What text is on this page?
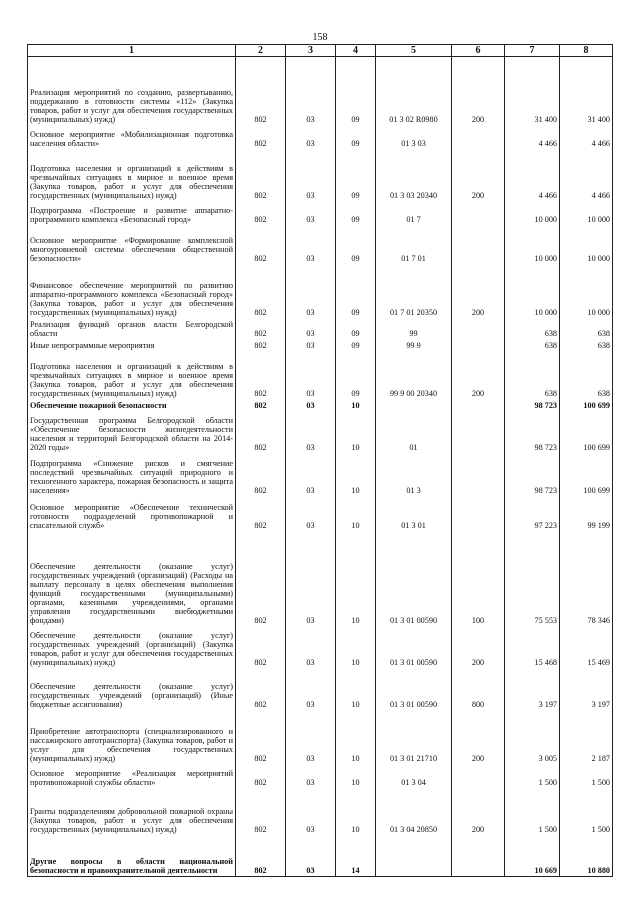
158
1	2	3	4	5	6	7	8
Реализация мероприятий по созданию, развертыванию, поддержанию в готовности системы «112» (Закупка товаров, работ и услуг для обеспечения государственных (муниципальных) нужд)	802	03	09	01 3 02 R0980	200	31 400	31 400
Основное мероприятие «Мобилизационная подготовка населения области»	802	03	09	01 3 03		4 466	4 466
Подготовка населения и организаций к действиям в чрезвычайных ситуациях в мирное и военное время (Закупка товаров, работ и услуг для обеспечения государственных (муниципальных) нужд)	802	03	09	01 3 03 20340	200	4 466	4 466
Подпрограмма «Построение и развитие аппаратно-программного комплекса «Безопасный город»	802	03	09	01 7		10 000	10 000
Основное мероприятие «Формирование комплексной многоуровневой системы обеспечения общественной безопасности»	802	03	09	01 7 01		10 000	10 000
Финансовое обеспечение мероприятий по развитию аппаратно-программного комплекса «Безопасный город» (Закупка товаров, работ и услуг для обеспечения государственных (муниципальных) нужд)	802	03	09	01 7 01 20350	200	10 000	10 000
Реализация функций органов власти Белгородской области	802	03	09	99		638	638
Иные непрограммные мероприятия	802	03	09	99 9		638	638
Подготовка населения и организаций к действиям в чрезвычайных ситуациях в мирное и военное время (Закупка товаров, работ и услуг для обеспечения государственных (муниципальных) нужд)	802	03	09	99 9 00 20340	200	638	638
Обеспечение пожарной безопасности	802	03	10			98 723	100 699
Государственная программа Белгородской области «Обеспечение безопасности жизнедеятельности населения и территорий Белгородской области на 2014-2020 годы»	802	03	10	01		98 723	100 699
Подпрограмма «Снижение рисков и смягчение последствий чрезвычайных ситуаций природного и техногенного характера, пожарная безопасность и защита населения»	802	03	10	01 3		98 723	100 699
Основное мероприятие «Обеспечение технической готовности подразделений противопожарной и спасательной служб»	802	03	10	01 3 01		97 223	99 199
Обеспечение деятельности (оказание услуг) государственных учреждений (организаций) (Расходы на выплату персоналу в целях обеспечения выполнения функций государственными (муниципальными) органами, казенными учреждениями, органами управления государственными внебюджетными фондами)	802	03	10	01 3 01 00590	100	75 553	78 346
Обеспечение деятельности (оказание услуг) государственных учреждений (организаций) (Закупка товаров, работ и услуг для обеспечения государственных (муниципальных) нужд)	802	03	10	01 3 01 00590	200	15 468	15 469
Обеспечение деятельности (оказание услуг) государственных учреждений (организаций) (Иные бюджетные ассигнования)	802	03	10	01 3 01 00590	800	3 197	3 197
Приобретение автотранспорта (специализированного и пассажирского автотранспорта) (Закупка товаров, работ и услуг для обеспечения государственных (муниципальных) нужд)	802	03	10	01 3 01 21710	200	3 005	2 187
Основное мероприятие «Реализация мероприятий противопожарной службы области»	802	03	10	01 3 04		1 500	1 500
Гранты подразделениям добровольной пожарной охраны (Закупка товаров, работ и услуг для обеспечения государственных (муниципальных) нужд)	802	03	10	01 3 04 20850	200	1 500	1 500
Другие вопросы в области национальной безопасности и правоохранительной деятельности	802	03	14			10 669	10 880
